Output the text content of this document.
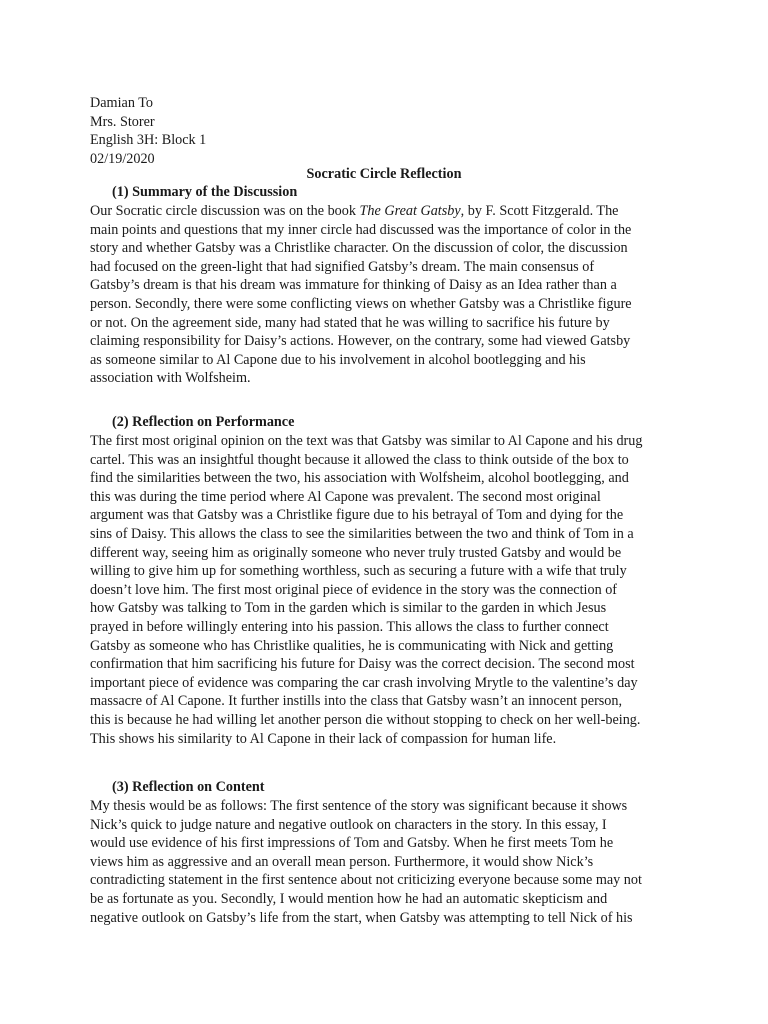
Damian To
Mrs. Storer
English 3H: Block 1
02/19/2020
Socratic Circle Reflection
(1) Summary of the Discussion
Our Socratic circle discussion was on the book The Great Gatsby, by F. Scott Fitzgerald. The
main points and questions that my inner circle had discussed was the importance of color in the
story and whether Gatsby was a Christlike character. On the discussion of color, the discussion
had focused on the green-light that had signified Gatsby’s dream. The main consensus of
Gatsby’s dream is that his dream was immature for thinking of Daisy as an Idea rather than a
person. Secondly, there were some conflicting views on whether Gatsby was a Christlike figure
or not. On the agreement side, many had stated that he was willing to sacrifice his future by
claiming responsibility for Daisy’s actions. However, on the contrary, some had viewed Gatsby
as someone similar to Al Capone due to his involvement in alcohol bootlegging and his
association with Wolfsheim.
(2) Reflection on Performance
The first most original opinion on the text was that Gatsby was similar to Al Capone and his drug
cartel. This was an insightful thought because it allowed the class to think outside of the box to
find the similarities between the two, his association with Wolfsheim, alcohol bootlegging, and
this was during the time period where Al Capone was prevalent. The second most original
argument was that Gatsby was a Christlike figure due to his betrayal of Tom and dying for the
sins of Daisy. This allows the class to see the similarities between the two and think of Tom in a
different way, seeing him as originally someone who never truly trusted Gatsby and would be
willing to give him up for something worthless, such as securing a future with a wife that truly
doesn’t love him. The first most original piece of evidence in the story was the connection of
how Gatsby was talking to Tom in the garden which is similar to the garden in which Jesus
prayed in before willingly entering into his passion. This allows the class to further connect
Gatsby as someone who has Christlike qualities, he is communicating with Nick and getting
confirmation that him sacrificing his future for Daisy was the correct decision. The second most
important piece of evidence was comparing the car crash involving Mrytle to the valentine’s day
massacre of Al Capone. It further instills into the class that Gatsby wasn’t an innocent person,
this is because he had willing let another person die without stopping to check on her well-being.
This shows his similarity to Al Capone in their lack of compassion for human life.
(3) Reflection on Content
My thesis would be as follows: The first sentence of the story was significant because it shows
Nick’s quick to judge nature and negative outlook on characters in the story. In this essay, I
would use evidence of his first impressions of Tom and Gatsby. When he first meets Tom he
views him as aggressive and an overall mean person. Furthermore, it would show Nick’s
contradicting statement in the first sentence about not criticizing everyone because some may not
be as fortunate as you. Secondly, I would mention how he had an automatic skepticism and
negative outlook on Gatsby’s life from the start, when Gatsby was attempting to tell Nick of his
